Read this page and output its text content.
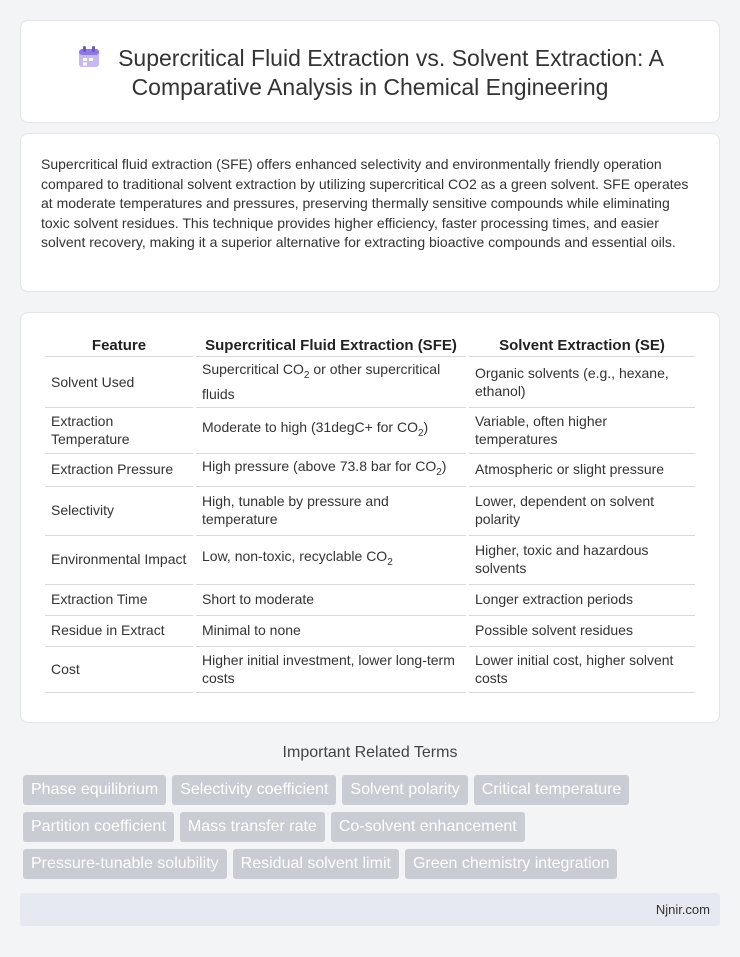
Supercritical Fluid Extraction vs. Solvent Extraction: A Comparative Analysis in Chemical Engineering

Supercritical fluid extraction (SFE) offers enhanced selectivity and environmentally friendly operation compared to traditional solvent extraction by utilizing supercritical CO2 as a green solvent. SFE operates at moderate temperatures and pressures, preserving thermally sensitive compounds while eliminating toxic solvent residues. This technique provides higher efficiency, faster processing times, and easier solvent recovery, making it a superior alternative for extracting bioactive compounds and essential oils.

Feature	Supercritical Fluid Extraction (SFE)	Solvent Extraction (SE)
Solvent Used	Supercritical $CO_2$ or other supercritical fluids	Organic solvents (e.g., hexane, ethanol)
Extraction Temperature	Moderate to high (31degC+ for $CO_2$)	Variable, often higher temperatures
Extraction Pressure	High pressure (above 73.8 bar for $CO_2$)	Atmospheric or slight pressure
Selectivity	High, tunable by pressure and temperature	Lower, dependent on solvent polarity
Environmental Impact	Low, non-toxic, recyclable $CO_2$	Higher, toxic and hazardous solvents
Extraction Time	Short to moderate	Longer extraction periods
Residue in Extract	Minimal to none	Possible solvent residues
Cost	Higher initial investment, lower long-term costs	Lower initial cost, higher solvent costs
Important Related Terms
Phase equilibrium	Selectivity coefficient	Solvent polarity	Critical temperature
Partition coefficient	Mass transfer rate	Co-solvent enhancement
Pressure-tunable solubility	Residual solvent limit	Green chemistry integration
Njnir.com
